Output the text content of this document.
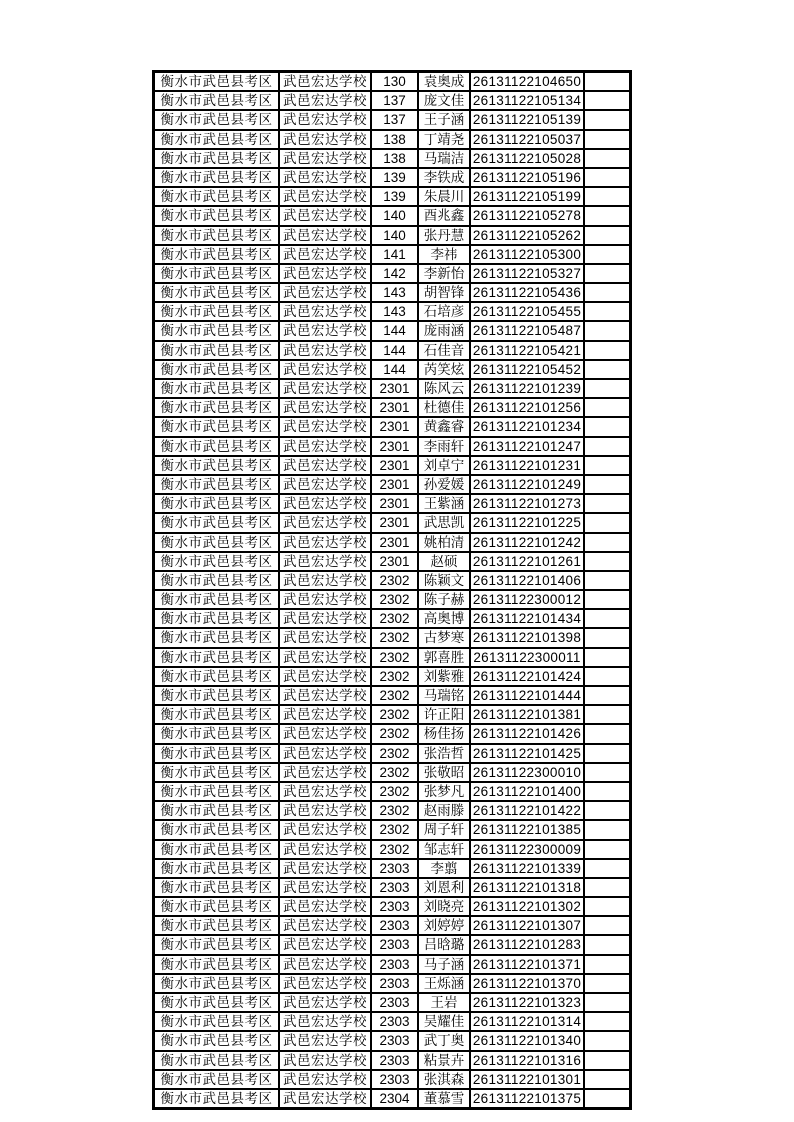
衡水市武邑县考区	武邑宏达学校	130	袁奥成	26131122104650	
衡水市武邑县考区	武邑宏达学校	137	庞文佳	26131122105134	
衡水市武邑县考区	武邑宏达学校	137	王子涵	26131122105139	
衡水市武邑县考区	武邑宏达学校	138	丁靖尧	26131122105037	
衡水市武邑县考区	武邑宏达学校	138	马瑞洁	26131122105028	
衡水市武邑县考区	武邑宏达学校	139	李铁成	26131122105196	
衡水市武邑县考区	武邑宏达学校	139	朱晨川	26131122105199	
衡水市武邑县考区	武邑宏达学校	140	酉兆鑫	26131122105278	
衡水市武邑县考区	武邑宏达学校	140	张丹慧	26131122105262	
衡水市武邑县考区	武邑宏达学校	141	李祎	26131122105300	
衡水市武邑县考区	武邑宏达学校	142	李新怡	26131122105327	
衡水市武邑县考区	武邑宏达学校	143	胡智锋	26131122105436	
衡水市武邑县考区	武邑宏达学校	143	石培彦	26131122105455	
衡水市武邑县考区	武邑宏达学校	144	庞雨涵	26131122105487	
衡水市武邑县考区	武邑宏达学校	144	石佳音	26131122105421	
衡水市武邑县考区	武邑宏达学校	144	芮笑炫	26131122105452	
衡水市武邑县考区	武邑宏达学校	2301	陈风云	26131122101239	
衡水市武邑县考区	武邑宏达学校	2301	杜德佳	26131122101256	
衡水市武邑县考区	武邑宏达学校	2301	黄鑫睿	26131122101234	
衡水市武邑县考区	武邑宏达学校	2301	李雨轩	26131122101247	
衡水市武邑县考区	武邑宏达学校	2301	刘卓宁	26131122101231	
衡水市武邑县考区	武邑宏达学校	2301	孙爱媛	26131122101249	
衡水市武邑县考区	武邑宏达学校	2301	王紫涵	26131122101273	
衡水市武邑县考区	武邑宏达学校	2301	武思凯	26131122101225	
衡水市武邑县考区	武邑宏达学校	2301	姚柏清	26131122101242	
衡水市武邑县考区	武邑宏达学校	2301	赵硕	26131122101261	
衡水市武邑县考区	武邑宏达学校	2302	陈颖文	26131122101406	
衡水市武邑县考区	武邑宏达学校	2302	陈子赫	26131122300012	
衡水市武邑县考区	武邑宏达学校	2302	高奥博	26131122101434	
衡水市武邑县考区	武邑宏达学校	2302	古梦寒	26131122101398	
衡水市武邑县考区	武邑宏达学校	2302	郭喜胜	26131122300011	
衡水市武邑县考区	武邑宏达学校	2302	刘紫雅	26131122101424	
衡水市武邑县考区	武邑宏达学校	2302	马瑞铭	26131122101444	
衡水市武邑县考区	武邑宏达学校	2302	许正阳	26131122101381	
衡水市武邑县考区	武邑宏达学校	2302	杨佳扬	26131122101426	
衡水市武邑县考区	武邑宏达学校	2302	张浩哲	26131122101425	
衡水市武邑县考区	武邑宏达学校	2302	张敬昭	26131122300010	
衡水市武邑县考区	武邑宏达学校	2302	张梦凡	26131122101400	
衡水市武邑县考区	武邑宏达学校	2302	赵雨滕	26131122101422	
衡水市武邑县考区	武邑宏达学校	2302	周子轩	26131122101385	
衡水市武邑县考区	武邑宏达学校	2302	邹志轩	26131122300009	
衡水市武邑县考区	武邑宏达学校	2303	李翦	26131122101339	
衡水市武邑县考区	武邑宏达学校	2303	刘恩利	26131122101318	
衡水市武邑县考区	武邑宏达学校	2303	刘晓亮	26131122101302	
衡水市武邑县考区	武邑宏达学校	2303	刘婷婷	26131122101307	
衡水市武邑县考区	武邑宏达学校	2303	吕晗璐	26131122101283	
衡水市武邑县考区	武邑宏达学校	2303	马子涵	26131122101371	
衡水市武邑县考区	武邑宏达学校	2303	王烁涵	26131122101370	
衡水市武邑县考区	武邑宏达学校	2303	王岩	26131122101323	
衡水市武邑县考区	武邑宏达学校	2303	吴耀佳	26131122101314	
衡水市武邑县考区	武邑宏达学校	2303	武丁奥	26131122101340	
衡水市武邑县考区	武邑宏达学校	2303	粘景卉	26131122101316	
衡水市武邑县考区	武邑宏达学校	2303	张淇森	26131122101301	
衡水市武邑县考区	武邑宏达学校	2304	董慕雪	26131122101375	
